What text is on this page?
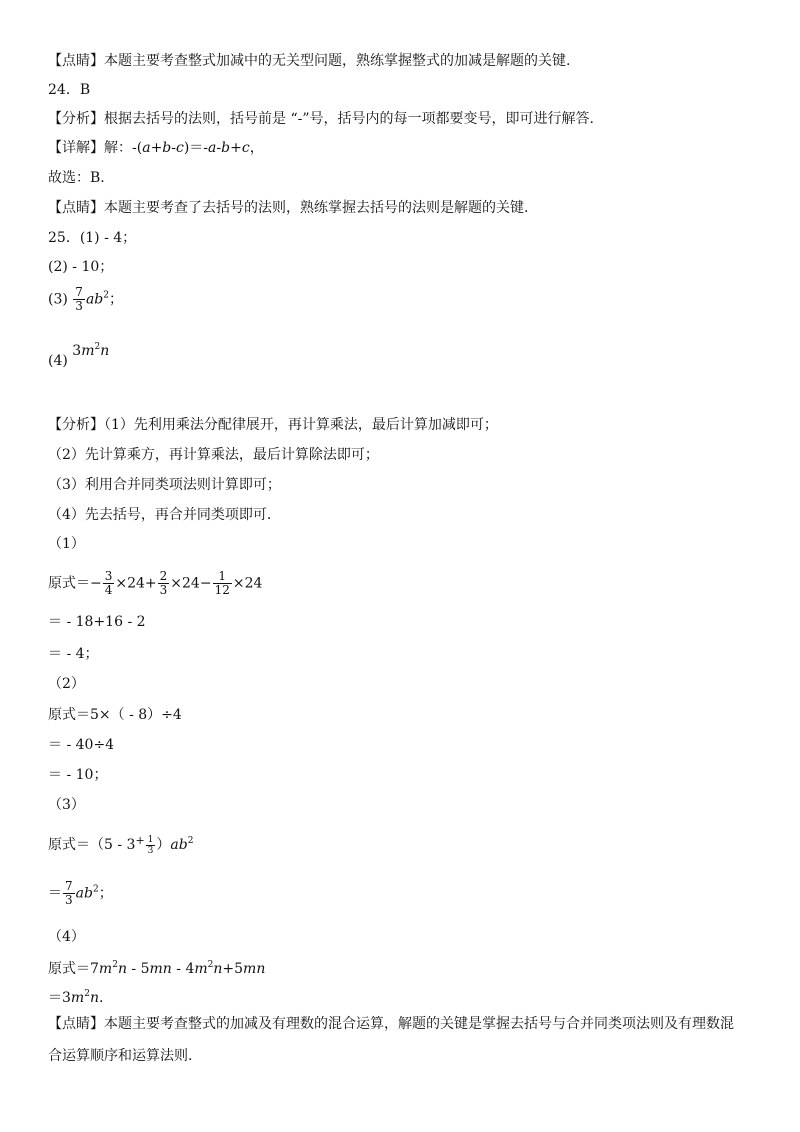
【点睛】本题主要考查整式加减中的无关型问题，熟练掌握整式的加减是解题的关键.
24．B
【分析】根据去括号的法则，括号前是 “-”号，括号内的每一项都要变号，即可进行解答.
【详解】解：-(a+b-c)＝-a-b+c，
故选：B.
【点睛】本题主要考查了去括号的法则，熟练掌握去括号的法则是解题的关键.
25．(1) - 4；
(2) - 10；
$(3) \frac{7}{3} ab^2$；
(4) $3m^2n$
【分析】（1）先利用乘法分配律展开，再计算乘法，最后计算加减即可；
（2）先计算乘方，再计算乘法，最后计算除法即可；
（3）利用合并同类项法则计算即可；
（4）先去括号，再合并同类项即可.
（1）
原式＝− $\frac{3}{4} \times 24+ \frac{2}{3} \times 24- \frac{1}{12} \times 24$
＝ - 18+16 - 2
＝ - 4；
（2）
原式＝5×（ - 8）÷4
＝ - 40÷4
＝ - 10；
（3）
原式$=(5 - 3^+ \frac{1}{3} )ab^2$
＝ $\frac{7}{3} ab^2$；
（4）
原式$=7m^2n - 5mn - 4m^2n+5mn$
$=3m^2n$.
【点睛】本题主要考查整式的加减及有理数的混合运算，解题的关键是掌握去括号与合并同类项法则及有理数混
合运算顺序和运算法则.
